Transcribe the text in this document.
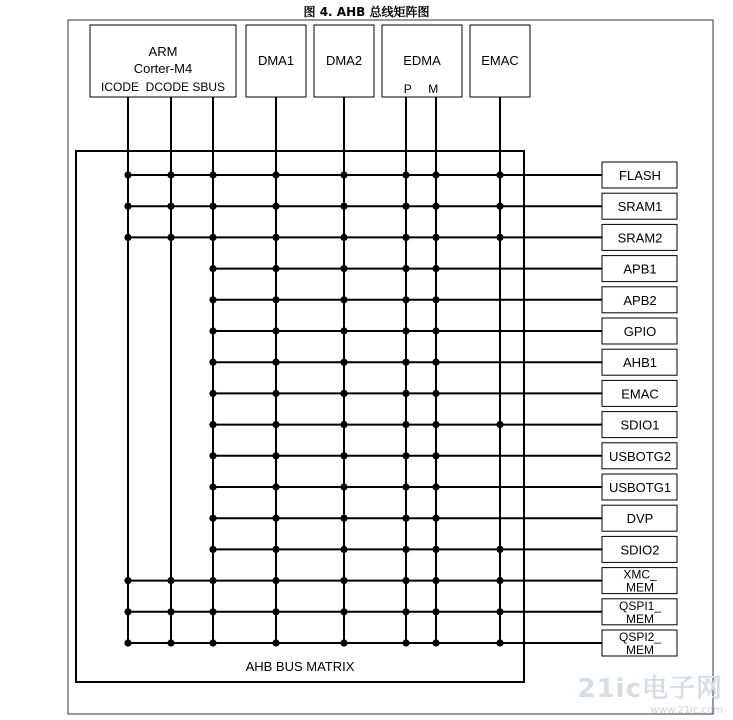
图 4. AHB 总线矩阵图
ARM
Corter-M4
ICODE  DCODE SBUS
DMA1 DMA2	EDMA
P     M
EMAC
AHB BUS MATRIX
FLASH
SRAM1
SRAM2
APB1
APB2
GPIO
AHB1
EMAC
SDIO1
USBOTG2
USBOTG1
DVP
SDIO2
XMC_
MEM
QSPI1_
MEM
QSPI2_
MEM
21ic电子网
www.21ic.com
